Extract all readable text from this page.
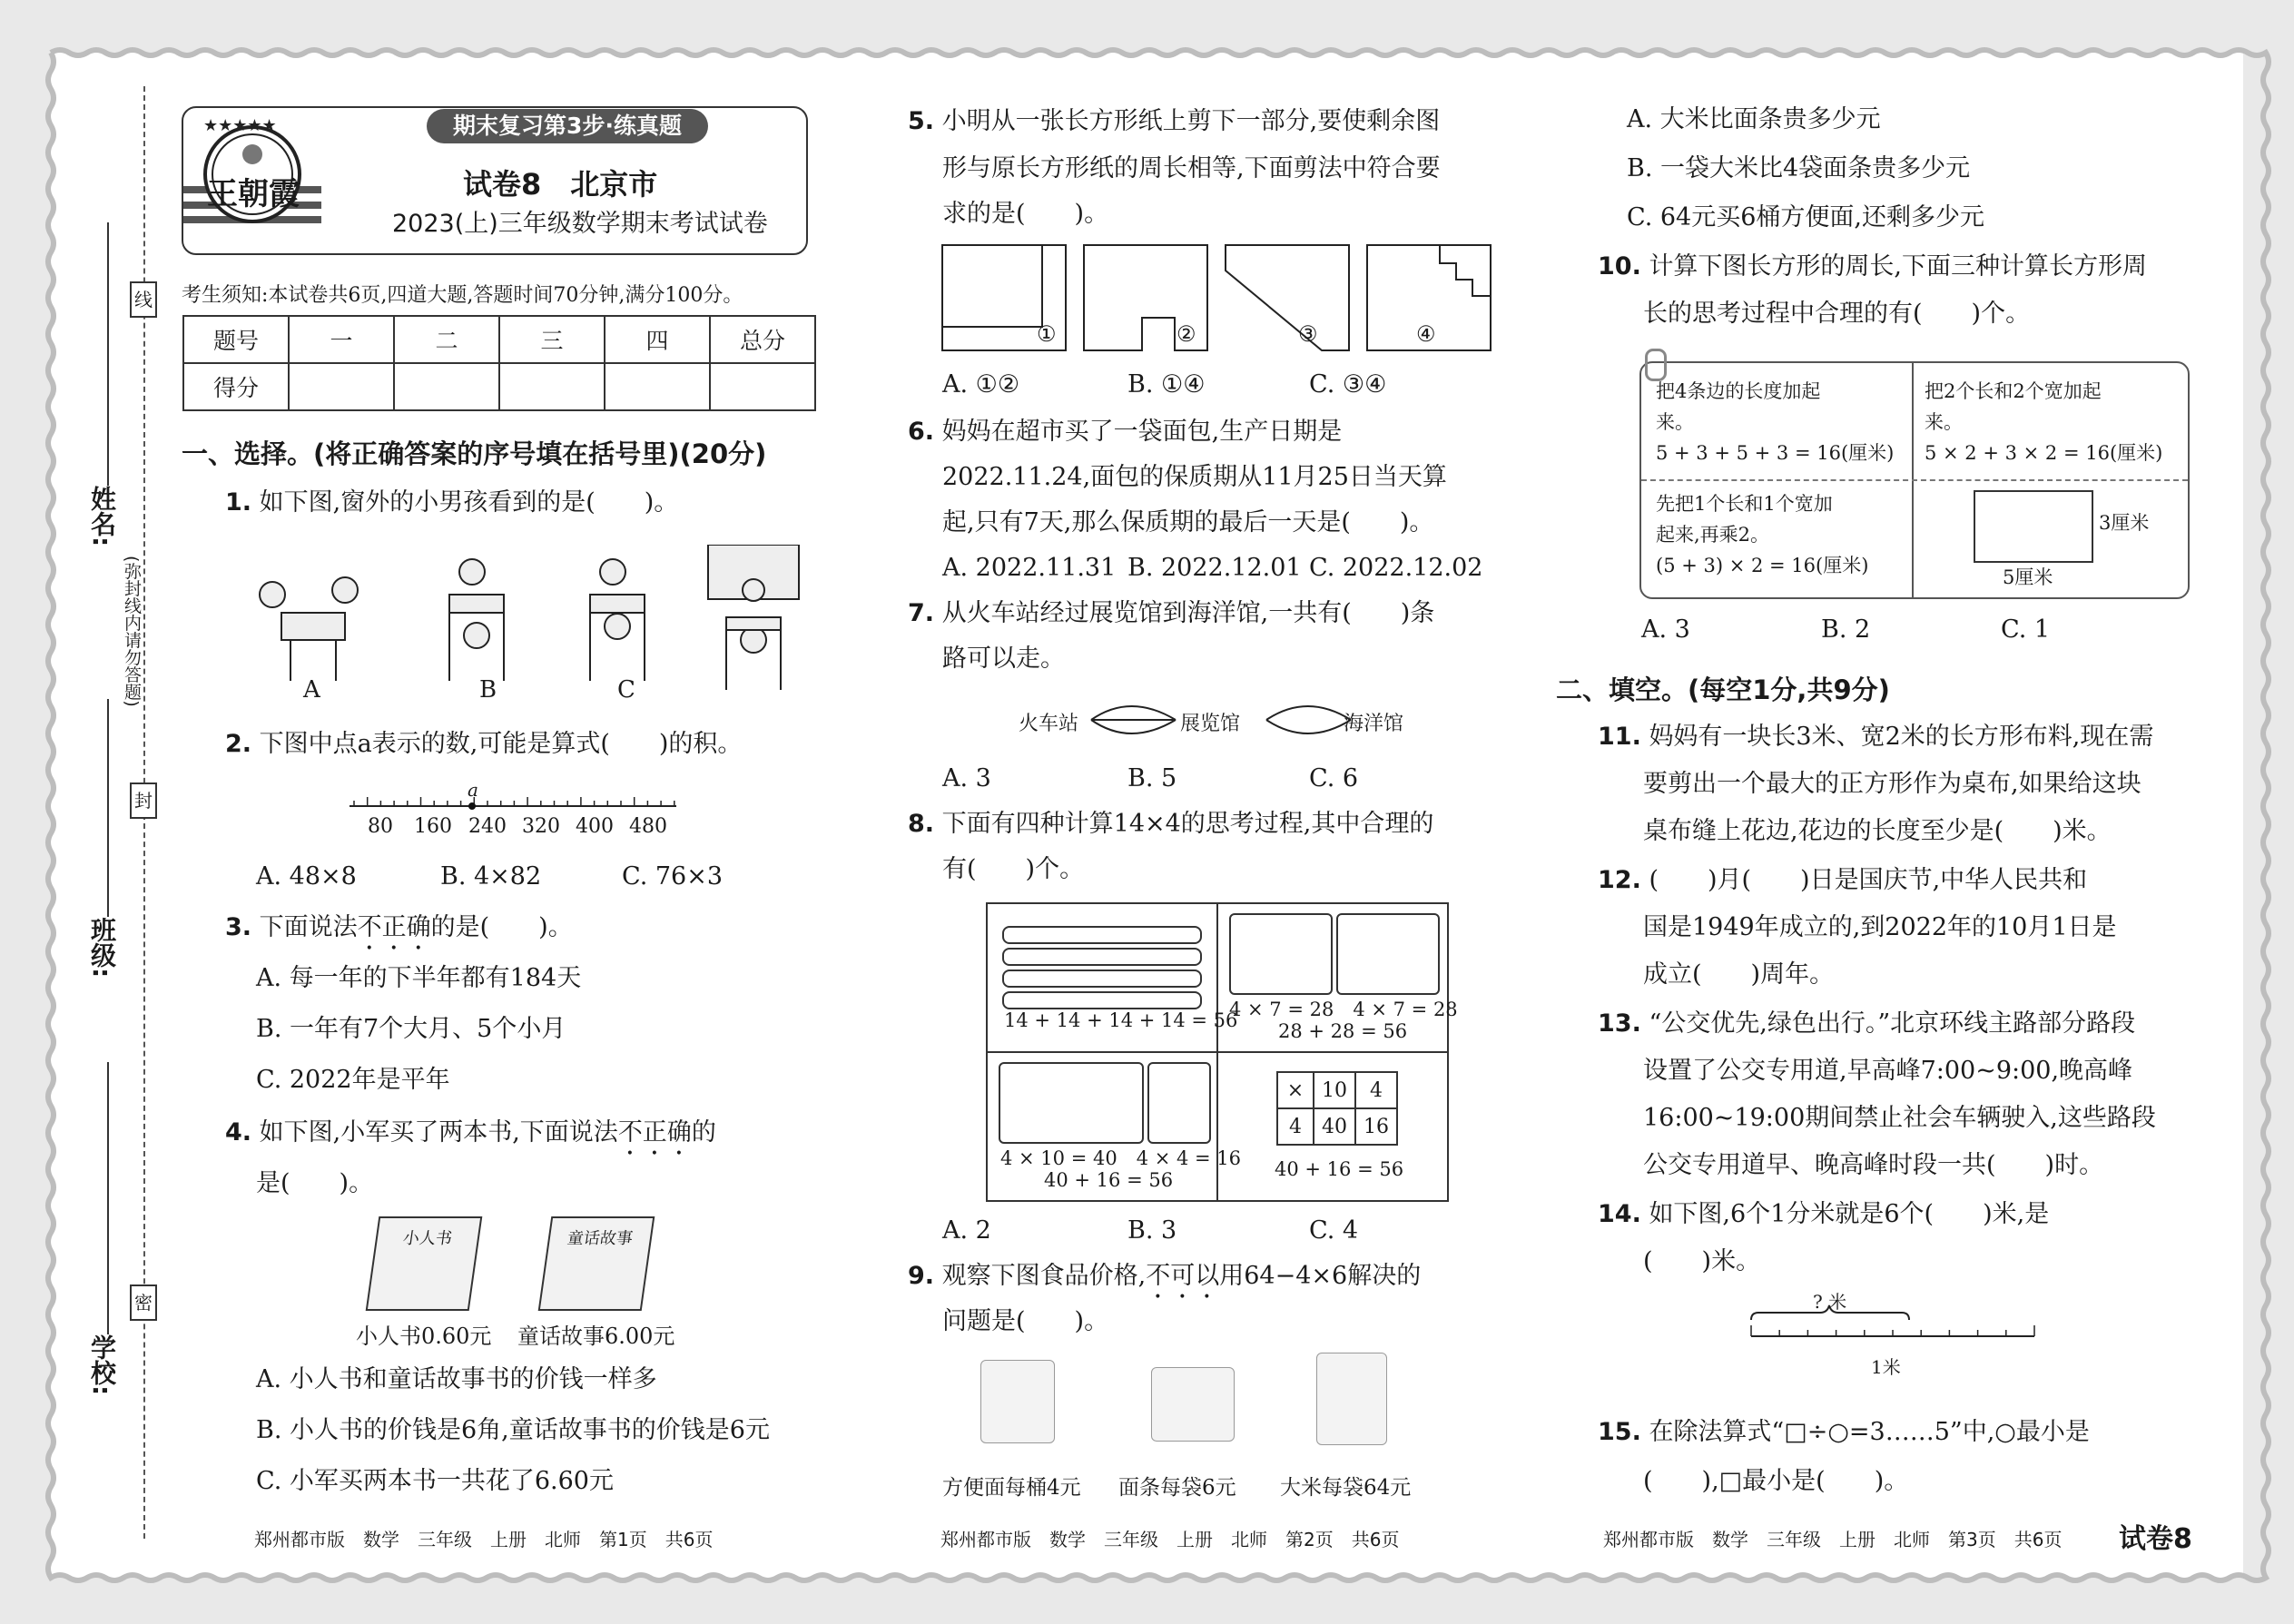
线
封
密
姓名:
班级:
学校:
(弥封线内请勿答题)
★★★★★
王朝霞
期末复习第3步·练真题
试卷8　北京市
2023(上)三年级数学期末考试试卷
考生须知:本试卷共6页,四道大题,答题时间70分钟,满分100分。
题号	一	二	三	四	总分
得分					
一、选择。(将正确答案的序号填在括号里)(20分)
1. 如下图,窗外的小男孩看到的是(　　)。
A	B	C
2. 下图中点a表示的数,可能是算式(　　)的积。
a
80 160 240 320 400 480
A. 48×8	B. 4×82	C. 76×3
3. 下面说法不正确的是(　　)。
A. 每一年的下半年都有184天
B. 一年有7个大月、5个小月
C. 2022年是平年
4. 如下图,小军买了两本书,下面说法不正确的
是(　　)。
小人书	童话故事
小人书0.60元 童话故事6.00元
A. 小人书和童话故事书的价钱一样多
B. 小人书的价钱是6角,童话故事书的价钱是6元
C. 小军买两本书一共花了6.60元
郑州都市版　数学　三年级　上册　北师　第1页　共6页
5. 小明从一张长方形纸上剪下一部分,要使剩余图
形与原长方形纸的周长相等,下面剪法中符合要
求的是(　　)。
①	②	③	④
A. ①②	B. ①④	C. ③④
6. 妈妈在超市买了一袋面包,生产日期是
2022.11.24,面包的保质期从11月25日当天算
起,只有7天,那么保质期的最后一天是(　　)。
A. 2022.11.31 B. 2022.12.01 C. 2022.12.02
7. 从火车站经过展览馆到海洋馆,一共有(　　)条
路可以走。
火车站	展览馆	海洋馆
A. 3	B. 5	C. 6
8. 下面有四种计算14×4的思考过程,其中合理的
有(　　)个。
14 + 14 + 14 + 14 = 56
4 × 7 = 28　4 × 7 = 28
28 + 28 = 56
4 × 10 = 40　4 × 4 = 16
40 + 16 = 56
×	10	4
4	40	16
40 + 16 = 56
A. 2	B. 3	C. 4
9. 观察下图食品价格,不可以用64−4×6解决的
问题是(　　)。
方便面每桶4元 面条每袋6元 大米每袋64元
郑州都市版　数学　三年级　上册　北师　第2页　共6页
A. 大米比面条贵多少元
B. 一袋大米比4袋面条贵多少元
C. 64元买6桶方便面,还剩多少元
10. 计算下图长方形的周长,下面三种计算长方形周
长的思考过程中合理的有(　　)个。
把4条边的长度加起
来。
5 + 3 + 5 + 3 = 16(厘米)
把2个长和2个宽加起
来。
5 × 2 + 3 × 2 = 16(厘米)
先把1个长和1个宽加
起来,再乘2。
(5 + 3) × 2 = 16(厘米)
3厘米
5厘米
A. 3	B. 2	C. 1
二、填空。(每空1分,共9分)
11. 妈妈有一块长3米、宽2米的长方形布料,现在需
要剪出一个最大的正方形作为桌布,如果给这块
桌布缝上花边,花边的长度至少是(　　)米。
12. (　　)月(　　)日是国庆节,中华人民共和
国是1949年成立的,到2022年的10月1日是
成立(　　)周年。
13. “公交优先,绿色出行。”北京环线主路部分路段
设置了公交专用道,早高峰7:00~9:00,晚高峰
16:00~19:00期间禁止社会车辆驶入,这些路段
公交专用道早、晚高峰时段一共(　　)时。
14. 如下图,6个1分米就是6个(　　)米,是
(　　)米。
? 米
1米
15. 在除法算式“□÷○=3……5”中,○最小是
(　　),□最小是(　　)。
郑州都市版　数学　三年级　上册　北师　第3页　共6页 试卷8
